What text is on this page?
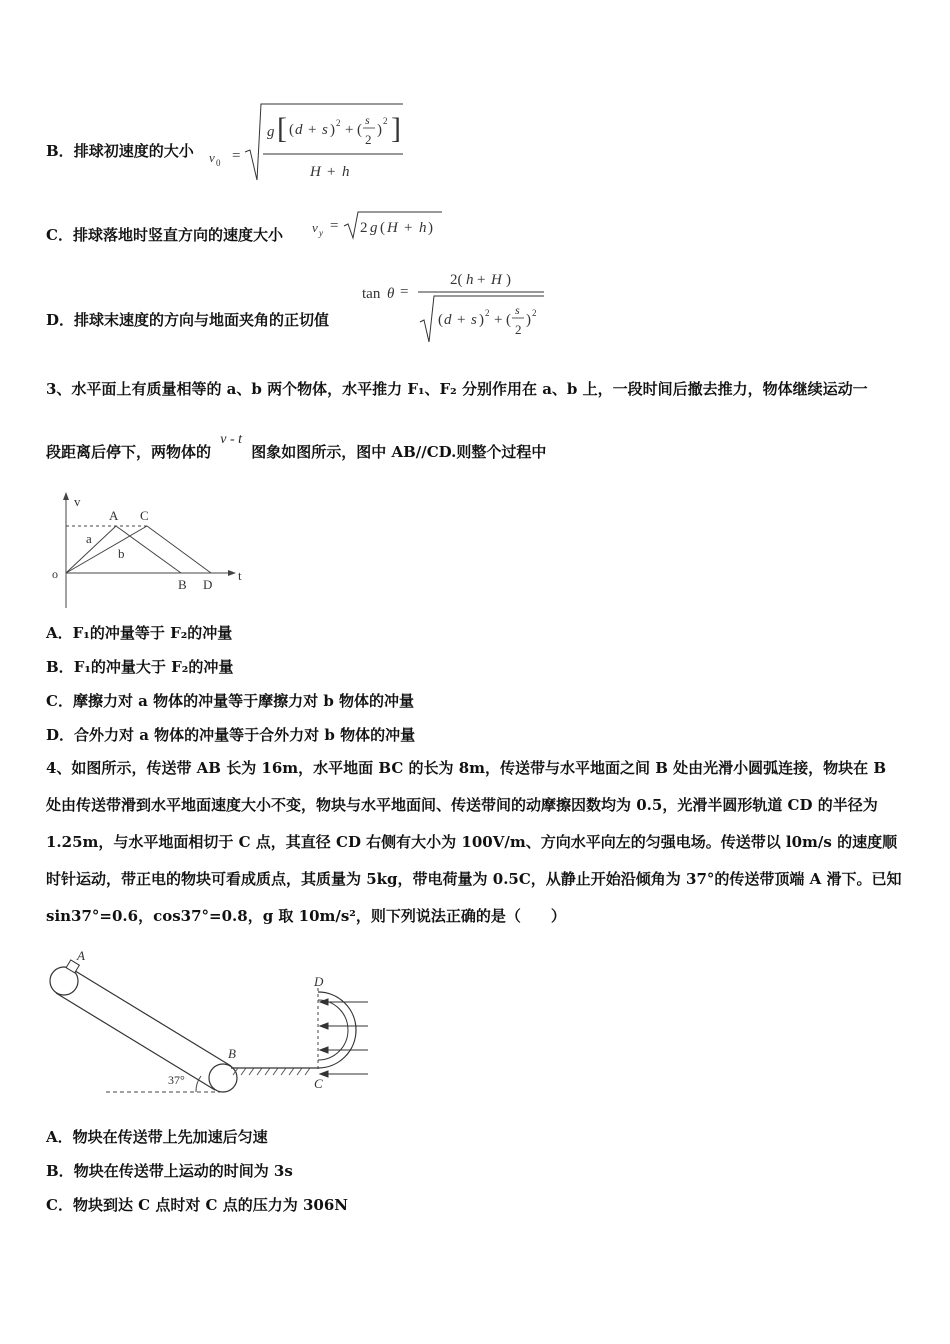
B．排球初速度的大小 v 0 =
g [ ( d + s ) 2 + (
s
2
)
2 ]
H + h
C．排球落地时竖直方向的速度大小 v y = 2 g ( H + h )
D．排球末速度的方向与地面夹角的正切值
tan θ =
2( h + H )
( d + s ) 2 + (
s
2
) 2
3、水平面上有质量相等的 a、b 两个物体，水平推力 F₁、F₂ 分别作用在 a、b 上，一段时间后撤去推力，物体继续运动一
段距离后停下，两物体的 v - t 图象如图所示，图中 AB//CD.则整个过程中
v
t
o
A C
B D
a
b
A．F₁的冲量等于 F₂的冲量
B．F₁的冲量大于 F₂的冲量
C．摩擦力对 a 物体的冲量等于摩擦力对 b 物体的冲量
D．合外力对 a 物体的冲量等于合外力对 b 物体的冲量
4、如图所示，传送带 AB 长为 16m，水平地面 BC 的长为 8m，传送带与水平地面之间 B 处由光滑小圆弧连接，物块在 B 处由传送带滑到水平地面速度大小不变，物块与水平地面间、传送带间的动摩擦因数均为 0.5，光滑半圆形轨道 CD 的半径为 1.25m，与水平地面相切于 C 点，其直径 CD 右侧有大小为 100V/m、方向水平向左的匀强电场。传送带以 l0m/s 的速度顺时针运动，带正电的物块可看成质点，其质量为 5kg，带电荷量为 0.5C，从静止开始沿倾角为 37°的传送带顶端 A 滑下。已知 sin37°=0.6，cos37°=0.8，g 取 10m/s²，则下列说法正确的是（　　）
A
B
C
D
37°
A．物块在传送带上先加速后匀速
B．物块在传送带上运动的时间为 3s
C．物块到达 C 点时对 C 点的压力为 306N
